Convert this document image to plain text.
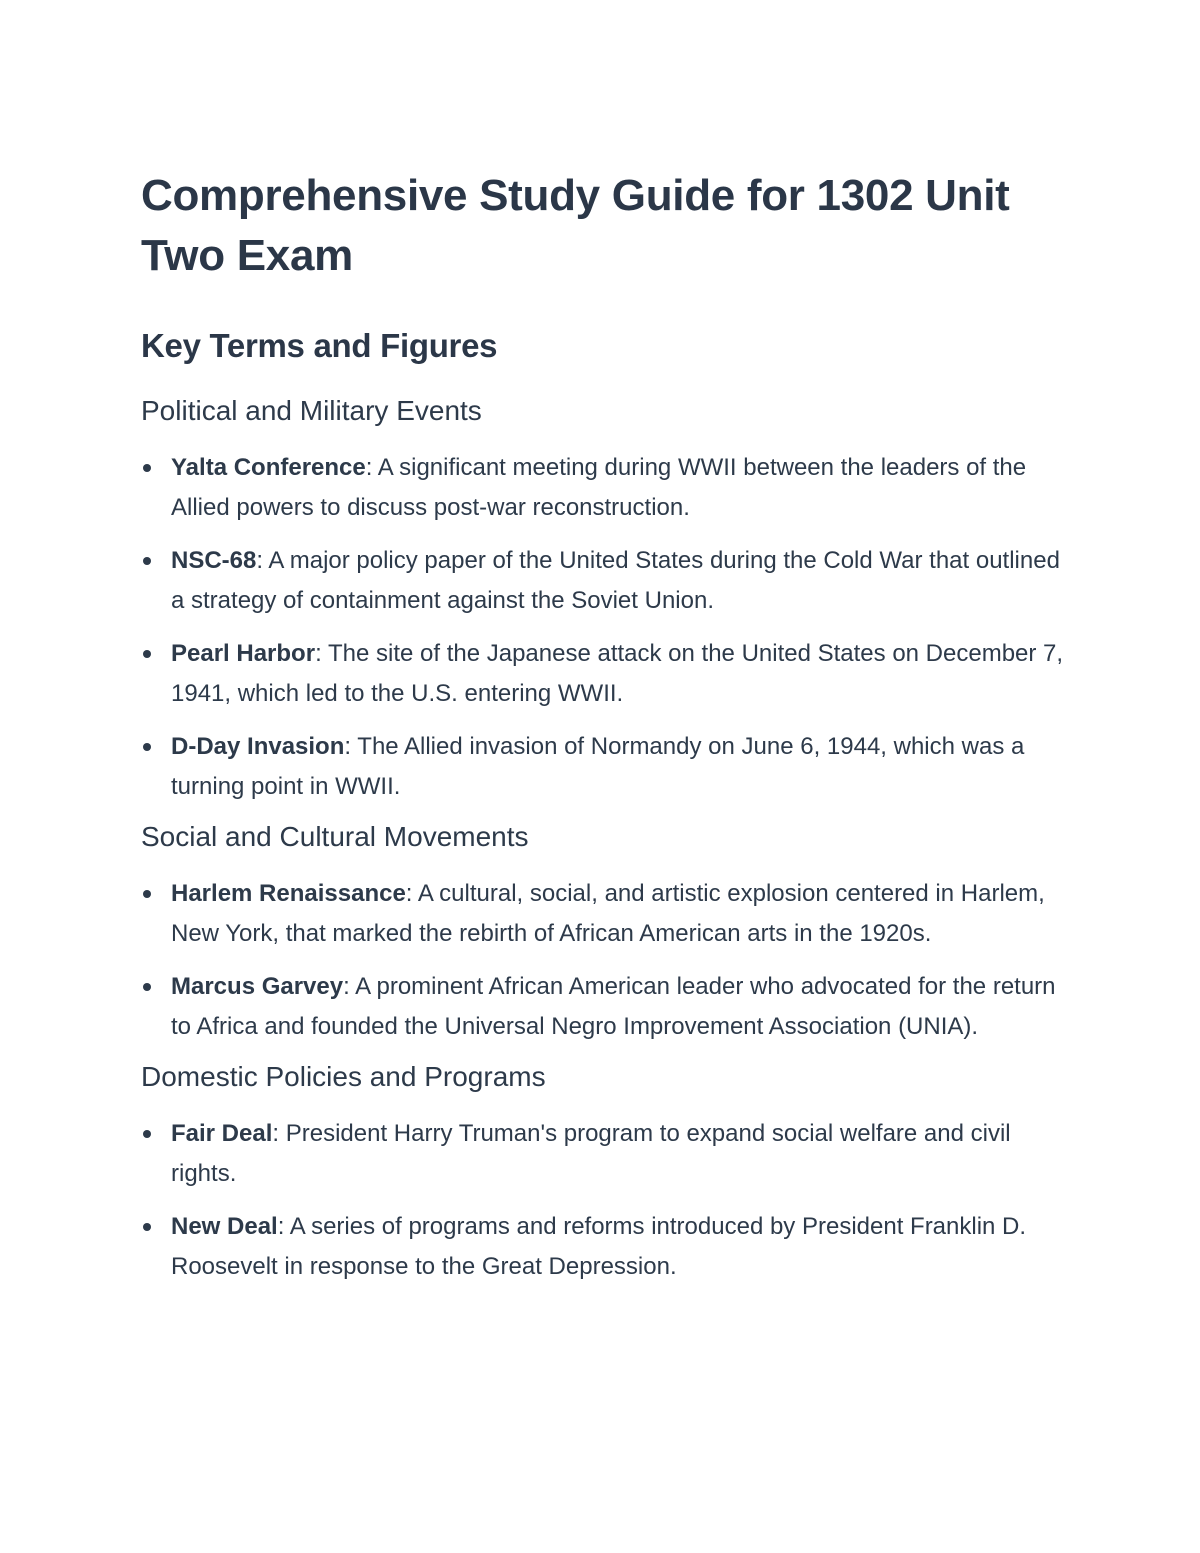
Comprehensive Study Guide for 1302 Unit Two Exam
Key Terms and Figures
Political and Military Events
Yalta Conference: A significant meeting during WWII between the leaders of the Allied powers to discuss post-war reconstruction.
NSC-68: A major policy paper of the United States during the Cold War that outlined a strategy of containment against the Soviet Union.
Pearl Harbor: The site of the Japanese attack on the United States on December 7, 1941, which led to the U.S. entering WWII.
D-Day Invasion: The Allied invasion of Normandy on June 6, 1944, which was a turning point in WWII.
Social and Cultural Movements
Harlem Renaissance: A cultural, social, and artistic explosion centered in Harlem, New York, that marked the rebirth of African American arts in the 1920s.
Marcus Garvey: A prominent African American leader who advocated for the return to Africa and founded the Universal Negro Improvement Association (UNIA).
Domestic Policies and Programs
Fair Deal: President Harry Truman's program to expand social welfare and civil rights.
New Deal: A series of programs and reforms introduced by President Franklin D. Roosevelt in response to the Great Depression.
